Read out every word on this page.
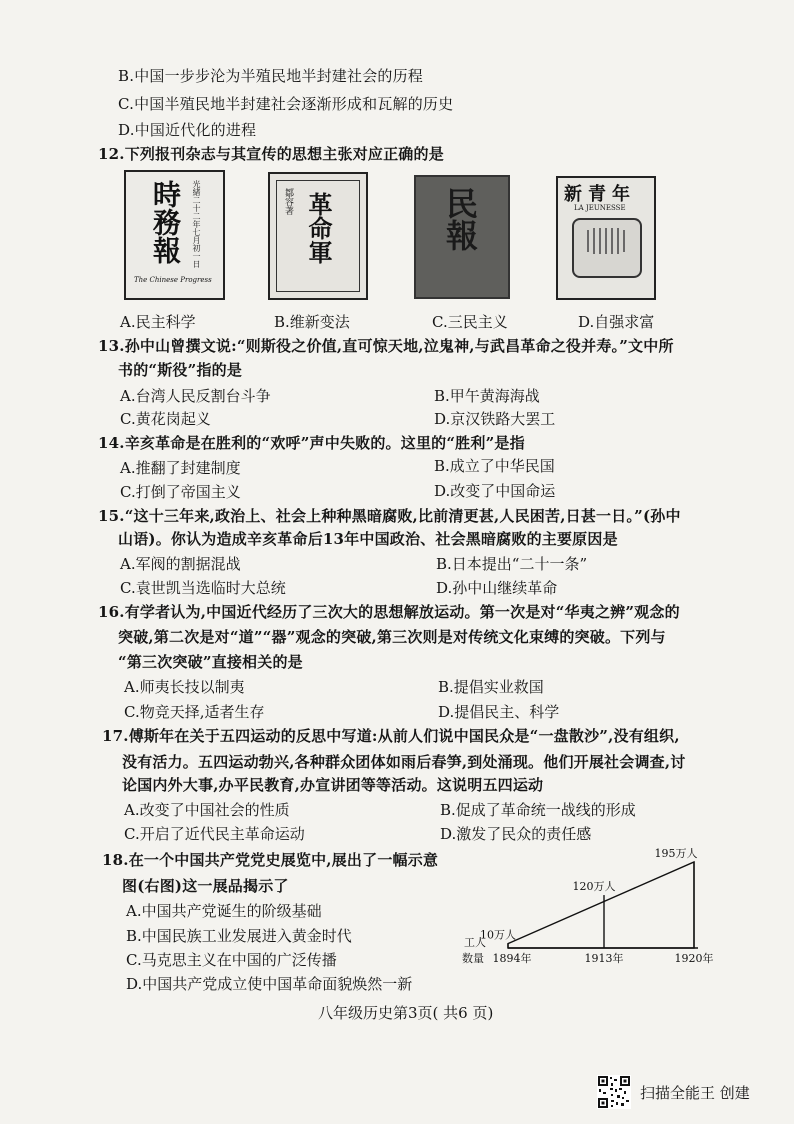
B.中国一步步沦为半殖民地半封建社会的历程
C.中国半殖民地半封建社会逐渐形成和瓦解的历史
D.中国近代化的进程
12.下列报刊杂志与其宣传的思想主张对应正确的是
時務報 光緒二十二年七月初一日
The Chinese Progress
革命軍
鄒容著	民報	新青年
LA JEUNESSE
A.民主科学	B.维新变法	C.三民主义	D.自强求富
13.孙中山曾撰文说:“则斯役之价值,直可惊天地,泣鬼神,与武昌革命之役并寿。”文中所
书的“斯役”指的是
A.台湾人民反割台斗争	B.甲午黄海海战
C.黄花岗起义	D.京汉铁路大罢工
14.辛亥革命是在胜利的“欢呼”声中失败的。这里的“胜利”是指
A.推翻了封建制度	B.成立了中华民国
C.打倒了帝国主义	D.改变了中国命运
15.“这十三年来,政治上、社会上种种黑暗腐败,比前清更甚,人民困苦,日甚一日。”(孙中
山语)。你认为造成辛亥革命后13年中国政治、社会黑暗腐败的主要原因是
A.军阀的割据混战	B.日本提出“二十一条”
C.袁世凯当选临时大总统	D.孙中山继续革命
16.有学者认为,中国近代经历了三次大的思想解放运动。第一次是对“华夷之辨”观念的
突破,第二次是对“道”“器”观念的突破,第三次则是对传统文化束缚的突破。下列与
“第三次突破”直接相关的是
A.师夷长技以制夷	B.提倡实业救国
C.物竞天择,适者生存	D.提倡民主、科学
17.傅斯年在关于五四运动的反思中写道:从前人们说中国民众是“一盘散沙”,没有组织,
没有活力。五四运动勃兴,各种群众团体如雨后春笋,到处涌现。他们开展社会调查,讨
论国内外大事,办平民教育,办宣讲团等等活动。这说明五四运动
A.改变了中国社会的性质	B.促成了革命统一战线的形成
C.开启了近代民主革命运动	D.激发了民众的责任感
18.在一个中国共产党党史展览中,展出了一幅示意
图(右图)这一展品揭示了
A.中国共产党诞生的阶级基础
B.中国民族工业发展进入黄金时代
C.马克思主义在中国的广泛传播
D.中国共产党成立使中国革命面貌焕然一新
10万人
120万人
195万人
1894年	1913年	1920年
工人
数量
八年级历史第3页( 共6 页)
扫描全能王 创建
